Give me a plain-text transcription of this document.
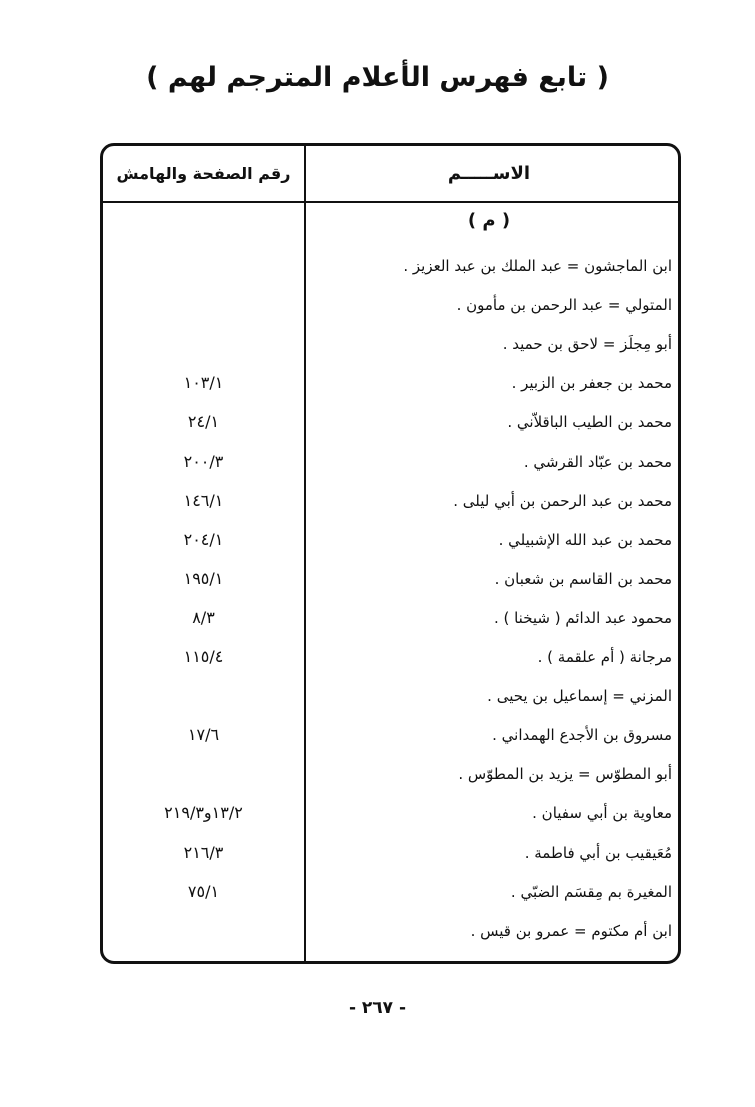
( تابع فهرس الأعلام المترجم لهم )
الاســـــم
رقم الصفحة والهامش
( م )
ابن الماجشون = عبد الملك بن عبد العزيز .
المتولي = عبد الرحمن بن مأمون .
أبو مِجلَز = لاحق بن حميد .
محمد بن جعفر بن الزبير .
١٠٣/١
محمد بن الطيب الباقلاّني .
٢٤/١
محمد بن عبّاد القرشي .
٢٠٠/٣
محمد بن عبد الرحمن بن أبي ليلى .
١٤٦/١
محمد بن عبد الله الإشبيلي .
٢٠٤/١
محمد بن القاسم بن شعبان .
١٩٥/١
محمود عبد الدائم ( شيخنا ) .
٨/٣
مرجانة ( أم علقمة ) .
١١٥/٤
المزني = إسماعيل بن يحيى .
مسروق بن الأجدع الهمداني .
١٧/٦
أبو المطوّس = يزيد بن المطوّس .
معاوية بن أبي سفيان .
١٣/٢و٢١٩/٣
مُعَيقيب بن أبي فاطمة .
٢١٦/٣
المغيرة بم مِقسَم الضبّي .
٧٥/١
ابن أم مكتوم = عمرو بن قيس .
- ٢٦٧ -
